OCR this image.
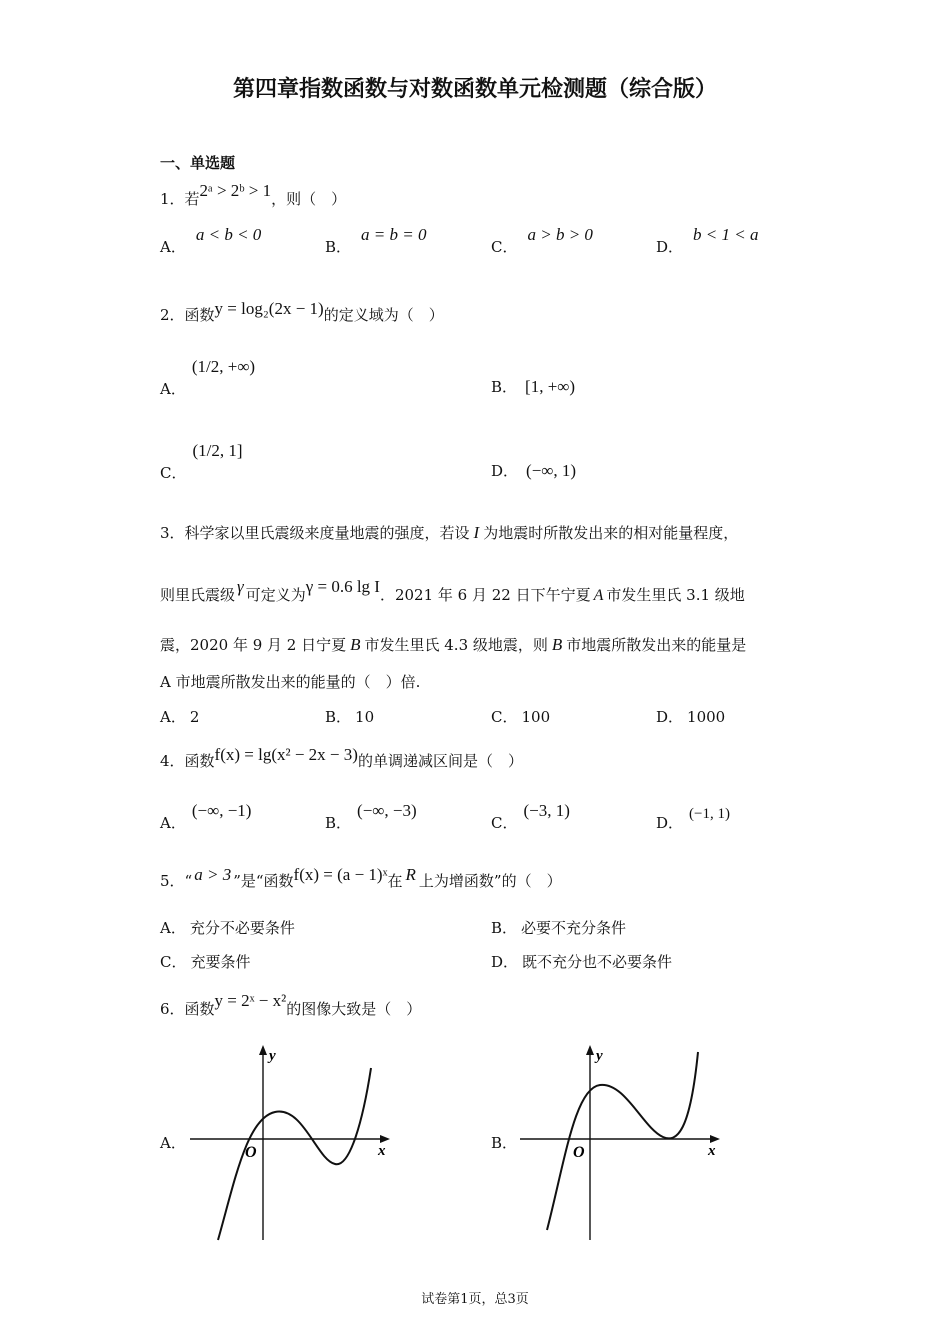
第四章指数函数与对数函数单元检测题（综合版）
一、单选题
1．若2ᵃ > 2ᵇ > 1，则（　）
A．a < b < 0
B．a = b = 0
C．a > b > 0
D．b < 1 < a
2．函数y = log₂(2x − 1)的定义域为（　）
A．(1/2, +∞)
B． [1, +∞)
C．(1/2, 1]
D． (−∞, 1)
3．科学家以里氏震级来度量地震的强度，若设 I 为地震时所散发出来的相对能量程度，
则里氏震级 γ 可定义为γ = 0.6 lg I．2021 年 6 月 22 日下午宁夏 A 市发生里氏 3.1 级地
震，2020 年 9 月 2 日宁夏 B 市发生里氏 4.3 级地震，则 B 市地震所散发出来的能量是
A 市地震所散发出来的能量的（　）倍.
A． 2	B． 10	C． 100	D． 1000
4．函数f(x) = lg(x² − 2x − 3)的单调递减区间是（　）
A．(−∞, −1)
B．(−∞, −3)
C．(−3, 1)
D． (−1, 1)
5．“ a > 3 ”是“函数f(x) = (a − 1)ˣ在 R 上为增函数”的（　）
A． 充分不必要条件	B． 必要不充分条件
C． 充要条件	D． 既不充分也不必要条件
6．函数y = 2ˣ − x²的图像大致是（　）
A．
y
x
O
B．
y
x
O
试卷第1页，总3页
